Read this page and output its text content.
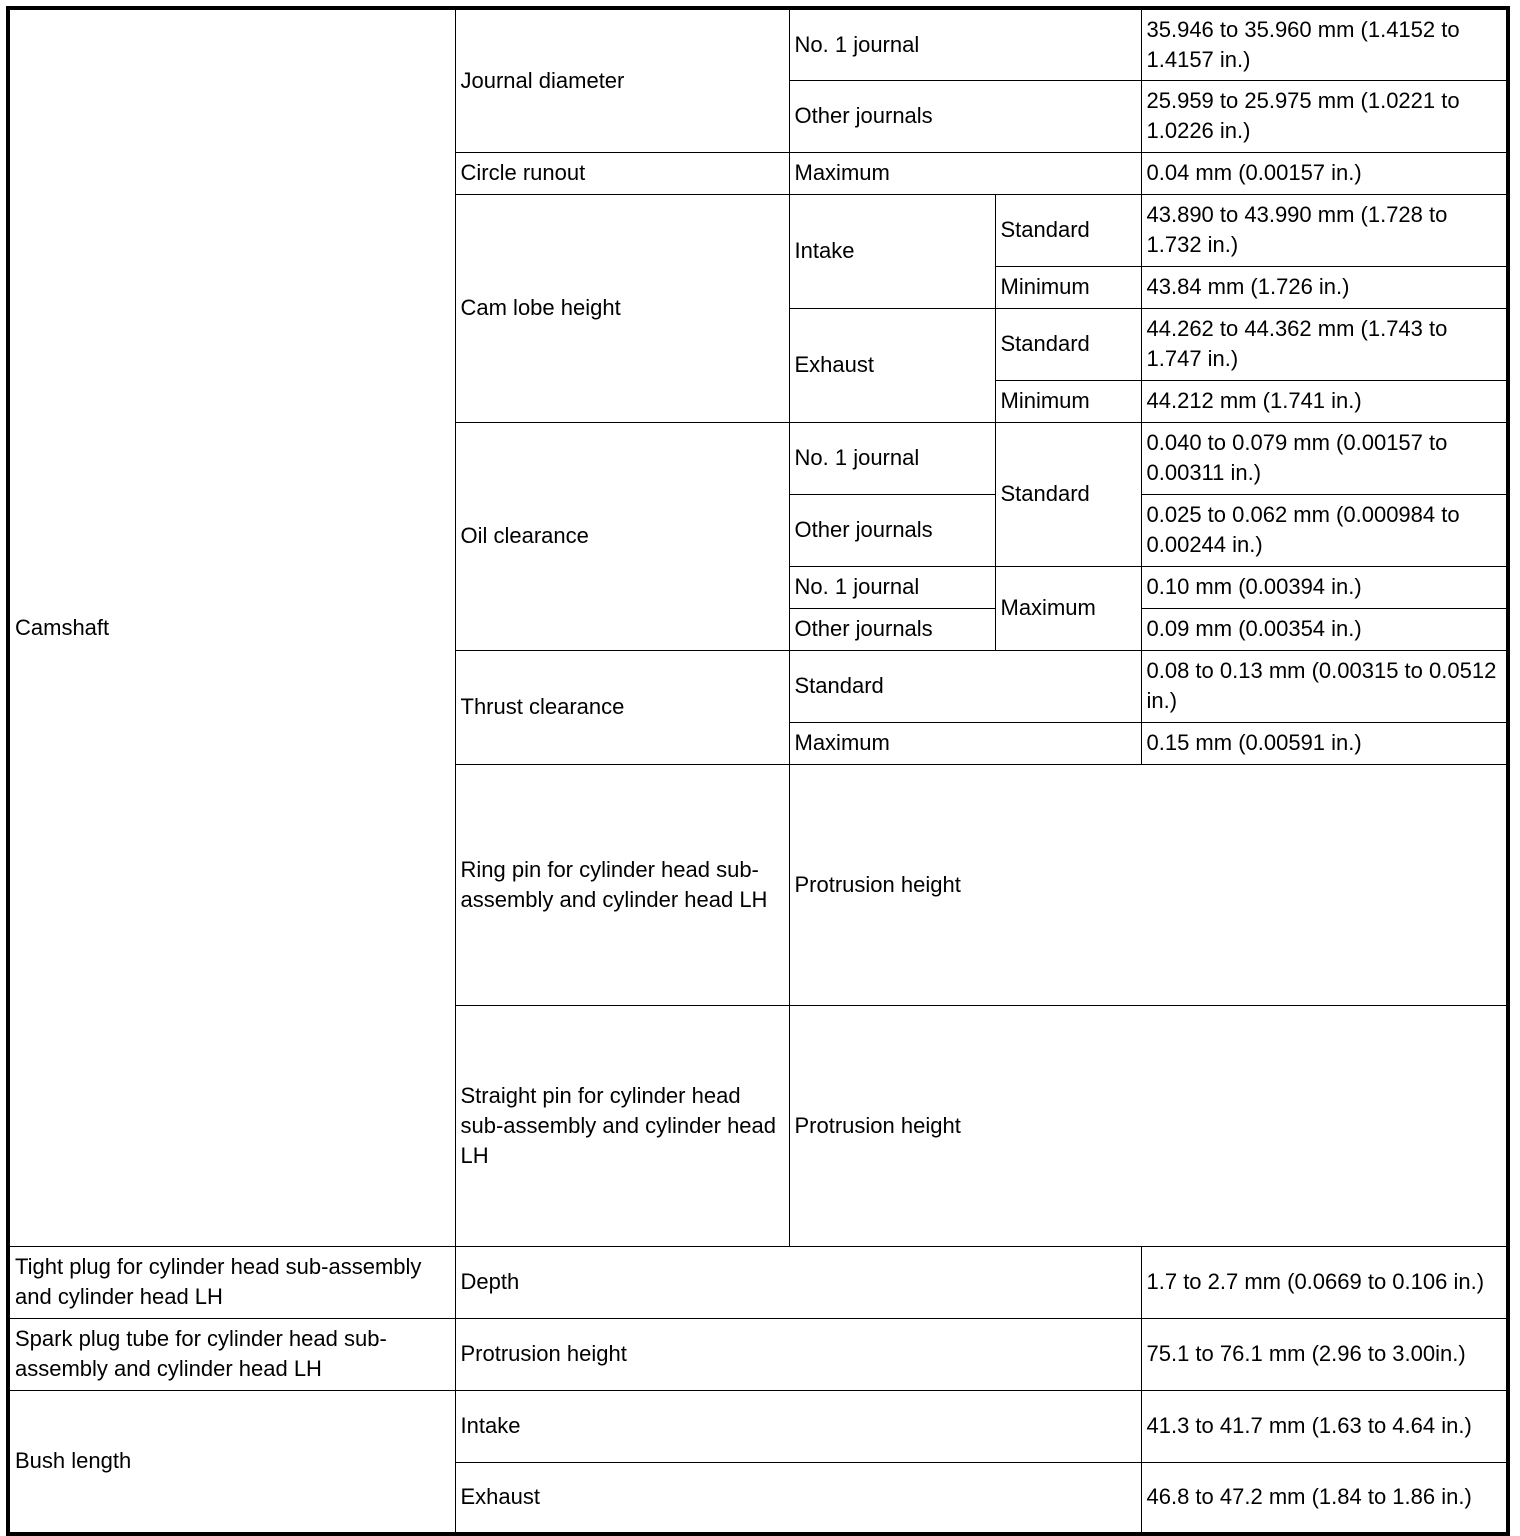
Camshaft	Journal diameter	No. 1 journal		35.946 to 35.960 mm (1.4152 to 1.4157 in.)	
		Other journals		25.959 to 25.975 mm (1.0221 to 1.0226 in.)	
	Circle runout	Maximum		0.04 mm (0.00157 in.)	
	Cam lobe height	Intake	Standard	43.890 to 43.990 mm (1.728 to 1.732 in.)	
			Minimum	43.84 mm (1.726 in.)	
		Exhaust	Standard	44.262 to 44.362 mm (1.743 to 1.747 in.)	
			Minimum	44.212 mm (1.741 in.)	
	Oil clearance	No. 1 journal	Standard	0.040 to 0.079 mm (0.00157 to 0.00311 in.)	
		Other journals		0.025 to 0.062 mm (0.000984 to 0.00244 in.)	
		No. 1 journal	Maximum	0.10 mm (0.00394 in.)	
		Other journals		0.09 mm (0.00354 in.)	
	Thrust clearance	Standard		0.08 to 0.13 mm (0.00315 to 0.0512 in.)	
		Maximum		0.15 mm (0.00591 in.)	
	Ring pin for cylinder head sub-assembly and cylinder head LH	Protrusion height	
	Straight pin for cylinder head sub-assembly and cylinder head LH	Protrusion height	
Tight plug for cylinder head sub-assembly and cylinder head LH	Depth			1.7 to 2.7 mm (0.0669 to 0.106 in.)	
Spark plug tube for cylinder head sub-assembly and cylinder head LH	Protrusion height			75.1 to 76.1 mm (2.96 to 3.00in.)	
Bush length	Intake			41.3 to 41.7 mm (1.63 to 4.64 in.)	
	Exhaust			46.8 to 47.2 mm (1.84 to 1.86 in.)	
